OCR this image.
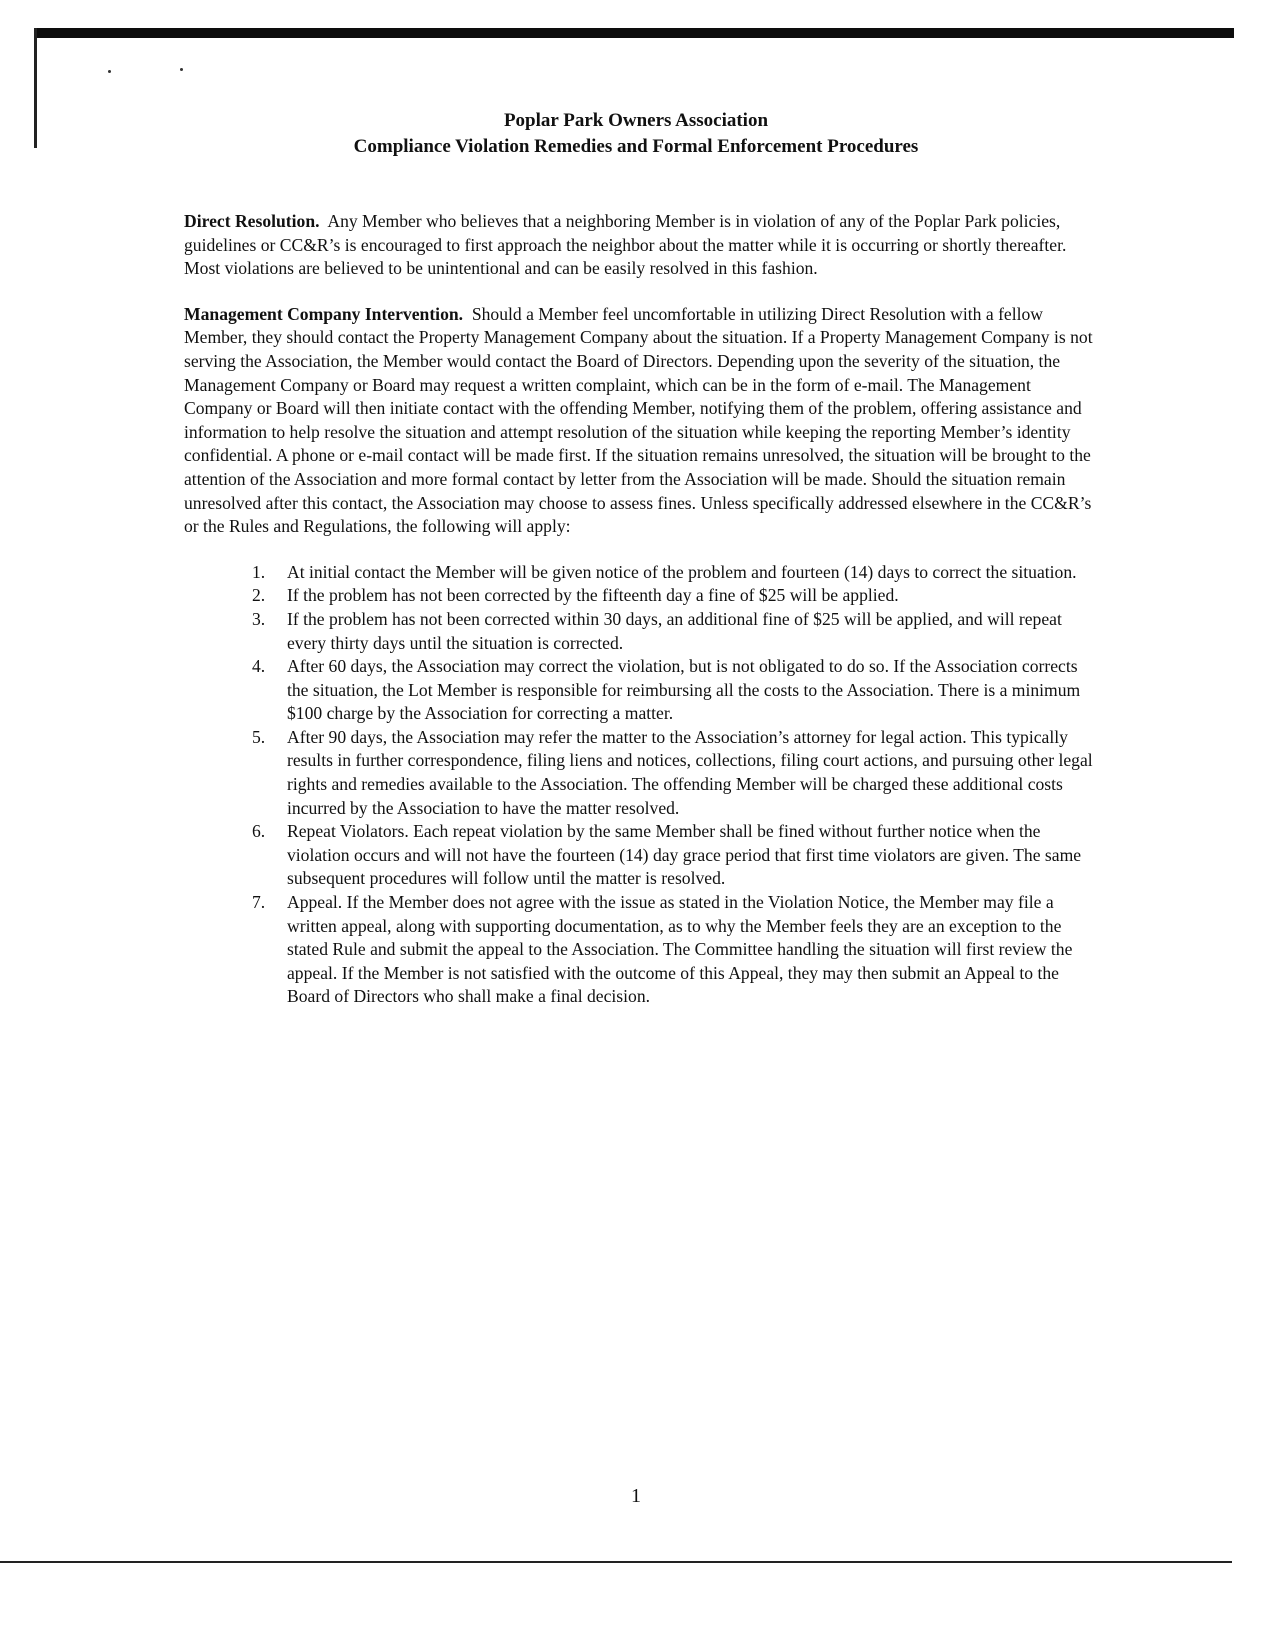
Poplar Park Owners Association
Compliance Violation Remedies and Formal Enforcement Procedures

Direct Resolution. Any Member who believes that a neighboring Member is in violation of any of the Poplar Park policies, guidelines or CC&R’s is encouraged to first approach the neighbor about the matter while it is occurring or shortly thereafter. Most violations are believed to be unintentional and can be easily resolved in this fashion.

Management Company Intervention. Should a Member feel uncomfortable in utilizing Direct Resolution with a fellow Member, they should contact the Property Management Company about the situation. If a Property Management Company is not serving the Association, the Member would contact the Board of Directors. Depending upon the severity of the situation, the Management Company or Board may request a written complaint, which can be in the form of e-mail. The Management Company or Board will then initiate contact with the offending Member, notifying them of the problem, offering assistance and information to help resolve the situation and attempt resolution of the situation while keeping the reporting Member’s identity confidential. A phone or e-mail contact will be made first. If the situation remains unresolved, the situation will be brought to the attention of the Association and more formal contact by letter from the Association will be made. Should the situation remain unresolved after this contact, the Association may choose to assess fines. Unless specifically addressed elsewhere in the CC&R’s or the Rules and Regulations, the following will apply:

1. At initial contact the Member will be given notice of the problem and fourteen (14) days to correct the situation.
2. If the problem has not been corrected by the fifteenth day a fine of $25 will be applied.
3. If the problem has not been corrected within 30 days, an additional fine of $25 will be applied, and will repeat every thirty days until the situation is corrected.
4. After 60 days, the Association may correct the violation, but is not obligated to do so. If the Association corrects the situation, the Lot Member is responsible for reimbursing all the costs to the Association. There is a minimum $100 charge by the Association for correcting a matter.
5. After 90 days, the Association may refer the matter to the Association’s attorney for legal action. This typically results in further correspondence, filing liens and notices, collections, filing court actions, and pursuing other legal rights and remedies available to the Association. The offending Member will be charged these additional costs incurred by the Association to have the matter resolved.
6. Repeat Violators. Each repeat violation by the same Member shall be fined without further notice when the violation occurs and will not have the fourteen (14) day grace period that first time violators are given. The same subsequent procedures will follow until the matter is resolved.
7. Appeal. If the Member does not agree with the issue as stated in the Violation Notice, the Member may file a written appeal, along with supporting documentation, as to why the Member feels they are an exception to the stated Rule and submit the appeal to the Association. The Committee handling the situation will first review the appeal. If the Member is not satisfied with the outcome of this Appeal, they may then submit an Appeal to the Board of Directors who shall make a final decision.
1
